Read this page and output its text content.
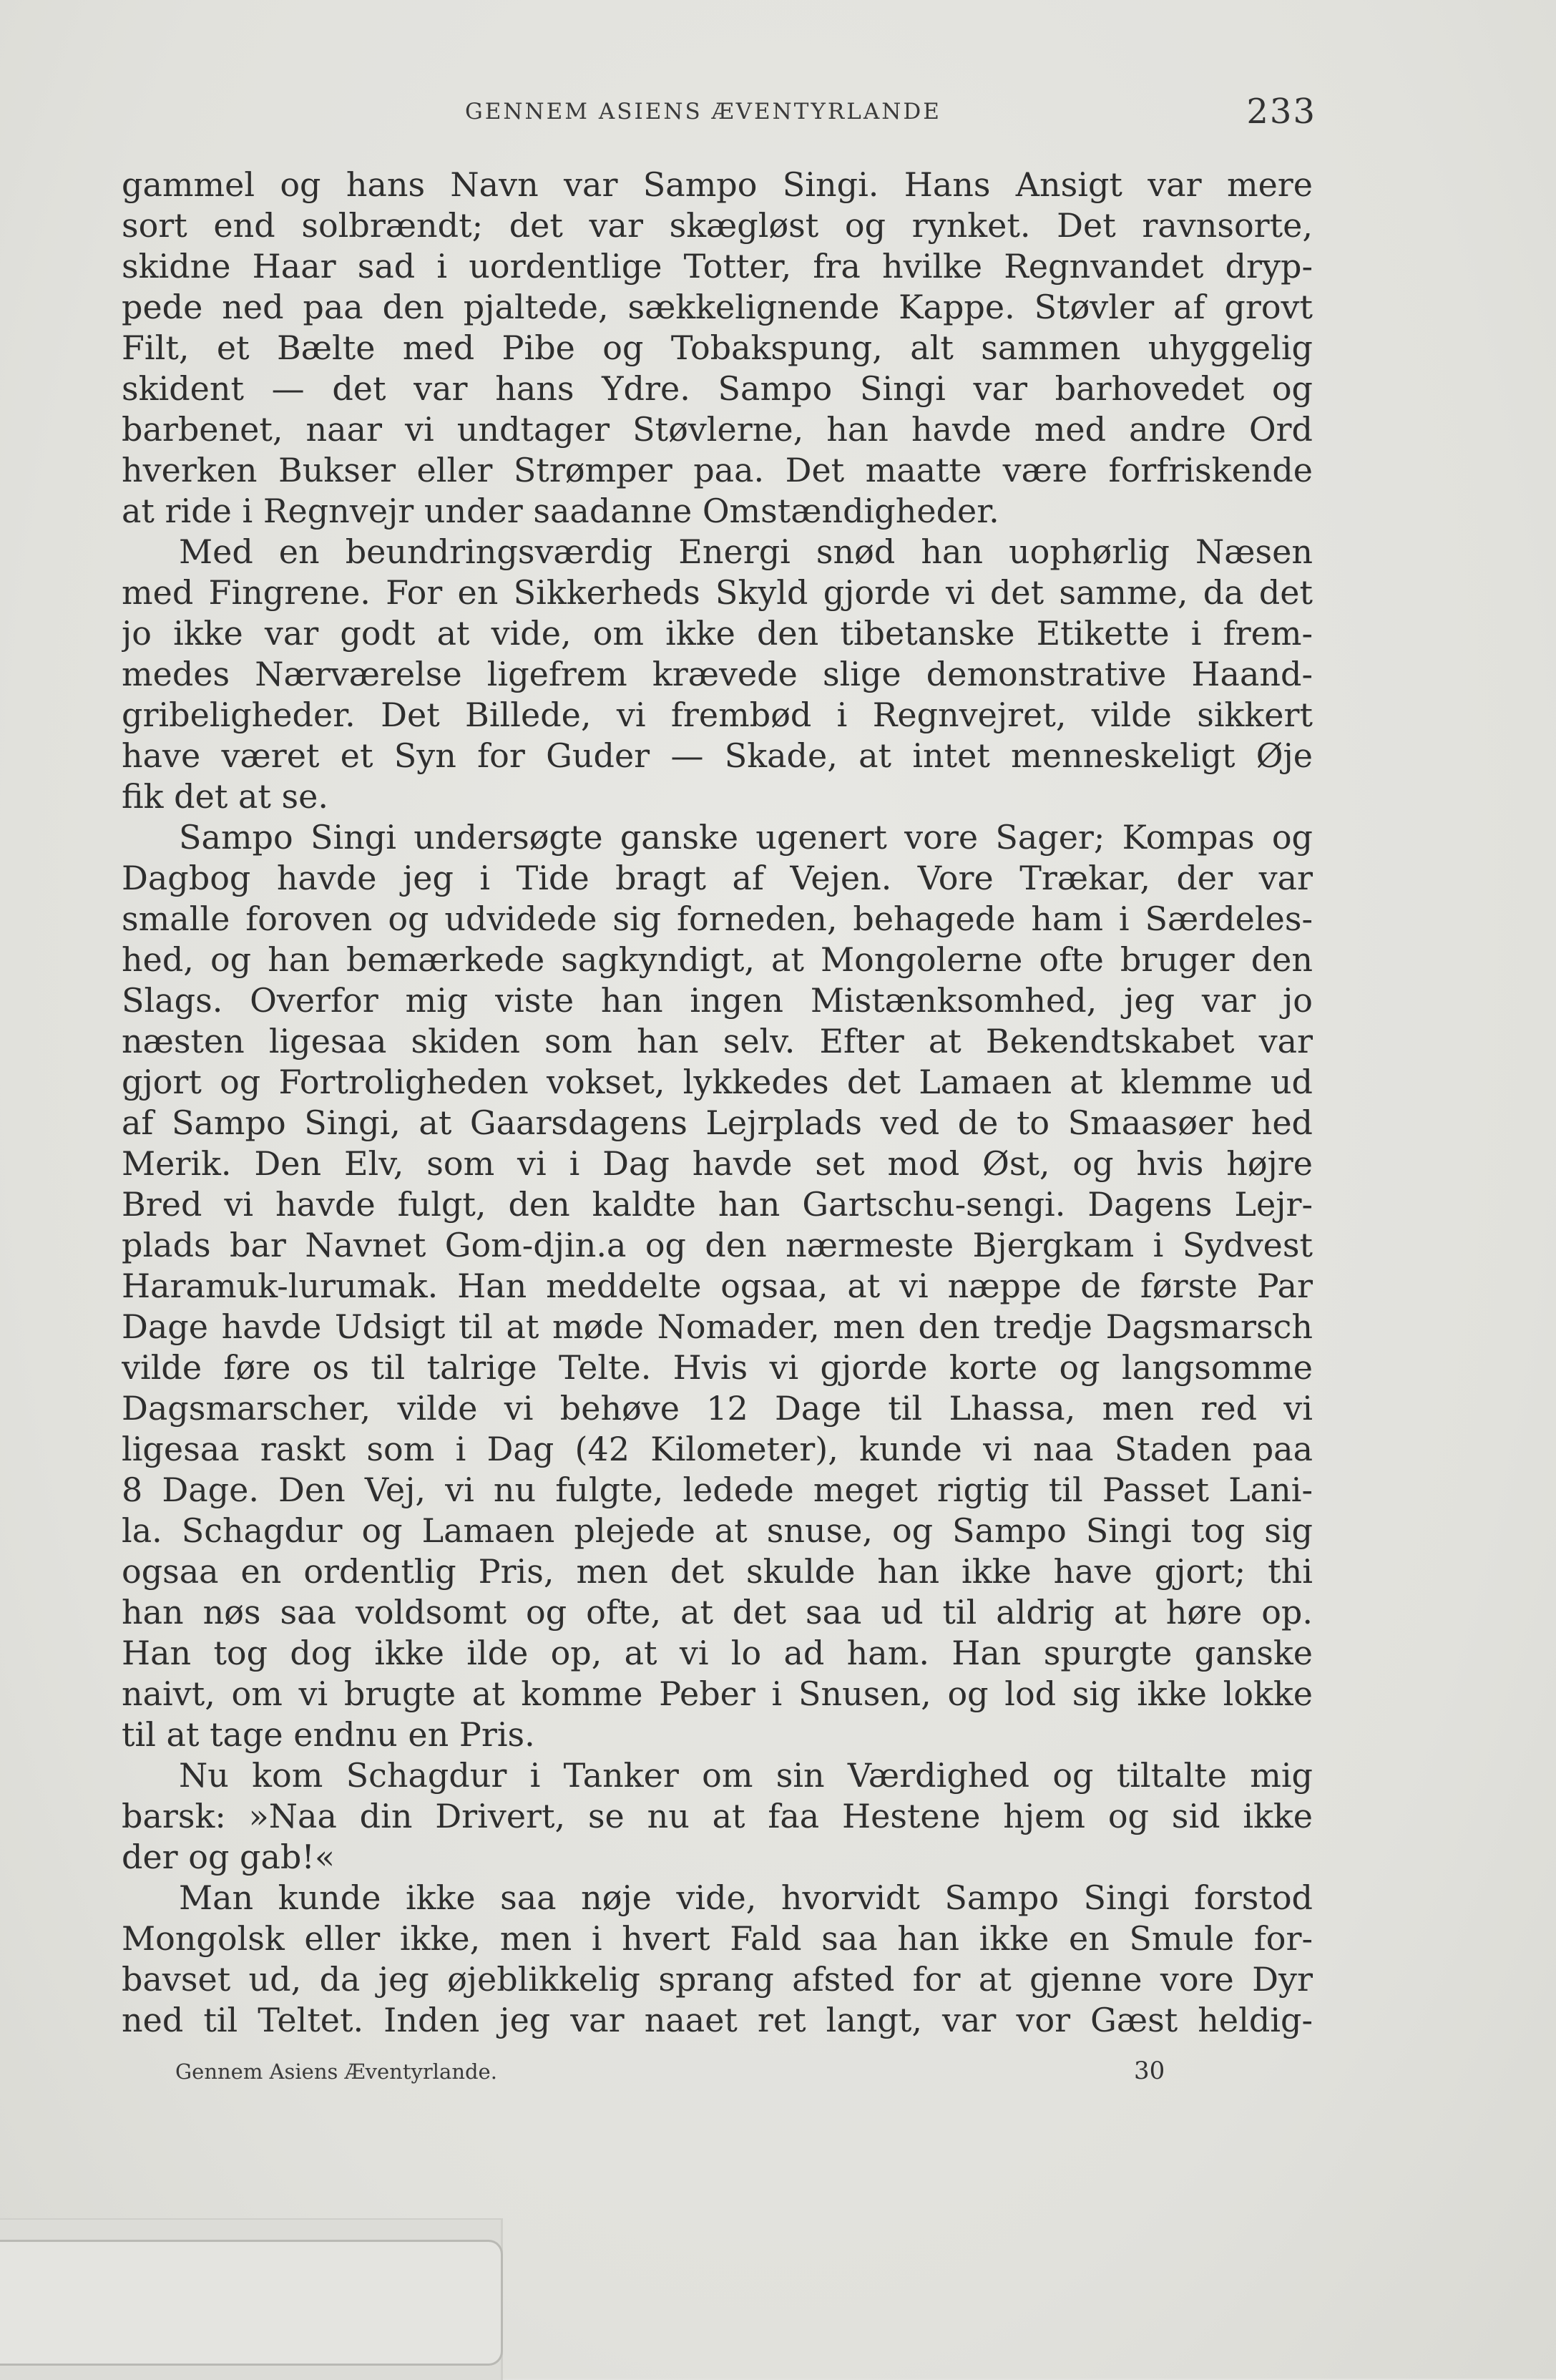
GENNEM ASIENS ÆVENTYRLANDE	233
gammel og hans Navn var Sampo Singi. Hans Ansigt var mere
sort end solbrændt; det var skægløst og rynket. Det ravnsorte,
skidne Haar sad i uordentlige Totter, fra hvilke Regnvandet dryp-
pede ned paa den pjaltede, sækkelignende Kappe. Støvler af grovt
Filt, et Bælte med Pibe og Tobakspung, alt sammen uhyggelig
skident — det var hans Ydre. Sampo Singi var barhovedet og
barbenet, naar vi undtager Støvlerne, han havde med andre Ord
hverken Bukser eller Strømper paa. Det maatte være forfriskende
at ride i Regnvejr under saadanne Omstændigheder.
Med en beundringsværdig Energi snød han uophørlig Næsen
med Fingrene. For en Sikkerheds Skyld gjorde vi det samme, da det
jo ikke var godt at vide, om ikke den tibetanske Etikette i frem-
medes Nærværelse ligefrem krævede slige demonstrative Haand-
gribeligheder. Det Billede, vi frembød i Regnvejret, vilde sikkert
have været et Syn for Guder — Skade, at intet menneskeligt Øje
fik det at se.
Sampo Singi undersøgte ganske ugenert vore Sager; Kompas og
Dagbog havde jeg i Tide bragt af Vejen. Vore Trækar, der var
smalle foroven og udvidede sig forneden, behagede ham i Særdeles-
hed, og han bemærkede sagkyndigt, at Mongolerne ofte bruger den
Slags. Overfor mig viste han ingen Mistænksomhed, jeg var jo
næsten ligesaa skiden som han selv. Efter at Bekendtskabet var
gjort og Fortroligheden vokset, lykkedes det Lamaen at klemme ud
af Sampo Singi, at Gaarsdagens Lejrplads ved de to Smaasøer hed
Merik. Den Elv, som vi i Dag havde set mod Øst, og hvis højre
Bred vi havde fulgt, den kaldte han Gartschu-sengi. Dagens Lejr-
plads bar Navnet Gom-djin.a og den nærmeste Bjergkam i Sydvest
Haramuk-lurumak. Han meddelte ogsaa, at vi næppe de første Par
Dage havde Udsigt til at møde Nomader, men den tredje Dagsmarsch
vilde føre os til talrige Telte. Hvis vi gjorde korte og langsomme
Dagsmarscher, vilde vi behøve 12 Dage til Lhassa, men red vi
ligesaa raskt som i Dag (42 Kilometer), kunde vi naa Staden paa
8 Dage. Den Vej, vi nu fulgte, ledede meget rigtig til Passet Lani-
la. Schagdur og Lamaen plejede at snuse, og Sampo Singi tog sig
ogsaa en ordentlig Pris, men det skulde han ikke have gjort; thi
han nøs saa voldsomt og ofte, at det saa ud til aldrig at høre op.
Han tog dog ikke ilde op, at vi lo ad ham. Han spurgte ganske
naivt, om vi brugte at komme Peber i Snusen, og lod sig ikke lokke
til at tage endnu en Pris.
Nu kom Schagdur i Tanker om sin Værdighed og tiltalte mig
barsk: »Naa din Drivert, se nu at faa Hestene hjem og sid ikke
der og gab!«
Man kunde ikke saa nøje vide, hvorvidt Sampo Singi forstod
Mongolsk eller ikke, men i hvert Fald saa han ikke en Smule for-
bavset ud, da jeg øjeblikkelig sprang afsted for at gjenne vore Dyr
ned til Teltet. Inden jeg var naaet ret langt, var vor Gæst heldig-
Gennem Asiens Æventyrlande.	30
